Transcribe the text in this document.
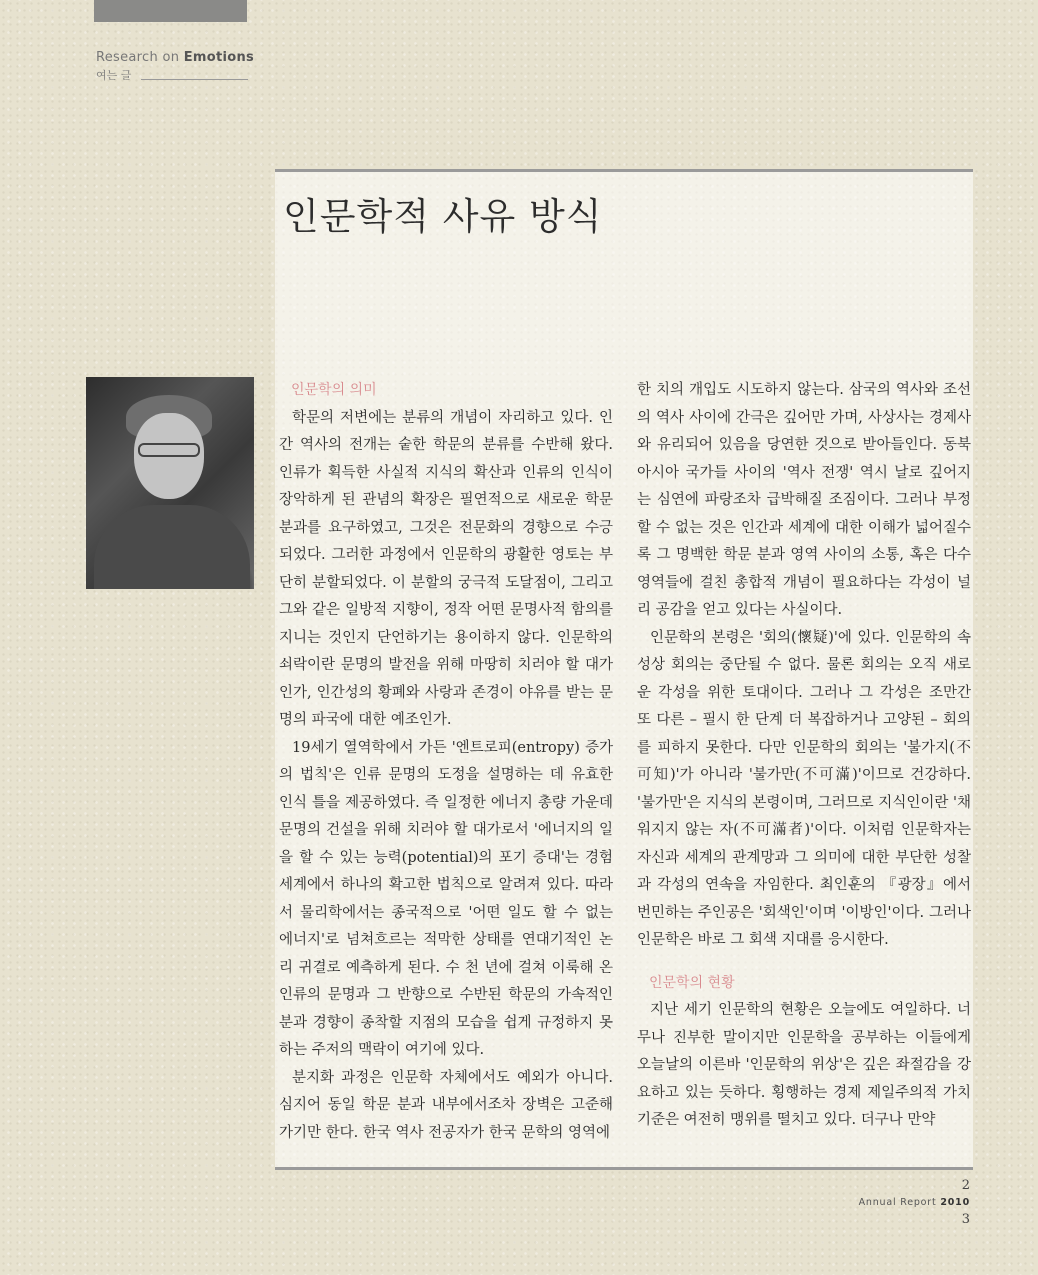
Research on Emotions
여는 글
인문학적 사유 방식
인문학의 의미

학문의 저변에는 분류의 개념이 자리하고 있다. 인간 역사의 전개는 숱한 학문의 분류를 수반해 왔다. 인류가 획득한 사실적 지식의 확산과 인류의 인식이 장악하게 된 관념의 확장은 필연적으로 새로운 학문 분과를 요구하였고, 그것은 전문화의 경향으로 수긍되었다. 그러한 과정에서 인문학의 광활한 영토는 부단히 분할되었다. 이 분할의 궁극적 도달점이, 그리고 그와 같은 일방적 지향이, 정작 어떤 문명사적 함의를 지니는 것인지 단언하기는 용이하지 않다. 인문학의 쇠락이란 문명의 발전을 위해 마땅히 치러야 할 대가인가, 인간성의 황폐와 사랑과 존경이 야유를 받는 문명의 파국에 대한 예조인가.

19세기 열역학에서 가든 '엔트로피(entropy) 증가의 법칙'은 인류 문명의 도정을 설명하는 데 유효한 인식 틀을 제공하였다. 즉 일정한 에너지 총량 가운데 문명의 건설을 위해 치러야 할 대가로서 '에너지의 일을 할 수 있는 능력(potential)의 포기 증대'는 경험 세계에서 하나의 확고한 법칙으로 알려져 있다. 따라서 물리학에서는 종국적으로 '어떤 일도 할 수 없는 에너지'로 넘쳐흐르는 적막한 상태를 연대기적인 논리 귀결로 예측하게 된다. 수 천 년에 걸쳐 이룩해 온 인류의 문명과 그 반향으로 수반된 학문의 가속적인 분과 경향이 종착할 지점의 모습을 쉽게 규정하지 못하는 주저의 맥락이 여기에 있다.

분지화 과정은 인문학 자체에서도 예외가 아니다. 심지어 동일 학문 분과 내부에서조차 장벽은 고준해 가기만 한다. 한국 역사 전공자가 한국 문학의 영역에

한 치의 개입도 시도하지 않는다. 삼국의 역사와 조선의 역사 사이에 간극은 깊어만 가며, 사상사는 경제사와 유리되어 있음을 당연한 것으로 받아들인다. 동북아시아 국가들 사이의 '역사 전쟁' 역시 날로 깊어지는 심연에 파랑조차 급박해질 조짐이다. 그러나 부정할 수 없는 것은 인간과 세계에 대한 이해가 넓어질수록 그 명백한 학문 분과 영역 사이의 소통, 혹은 다수 영역들에 걸친 총합적 개념이 필요하다는 각성이 널리 공감을 얻고 있다는 사실이다.

인문학의 본령은 '회의(懷疑)'에 있다. 인문학의 속성상 회의는 중단될 수 없다. 물론 회의는 오직 새로운 각성을 위한 토대이다. 그러나 그 각성은 조만간 또 다른 – 필시 한 단계 더 복잡하거나 고양된 – 회의를 피하지 못한다. 다만 인문학의 회의는 '불가지(不可知)'가 아니라 '불가만(不可滿)'이므로 건강하다. '불가만'은 지식의 본령이며, 그러므로 지식인이란 '채워지지 않는 자(不可滿者)'이다. 이처럼 인문학자는 자신과 세계의 관계망과 그 의미에 대한 부단한 성찰과 각성의 연속을 자임한다. 최인훈의 『광장』에서 번민하는 주인공은 '회색인'이며 '이방인'이다. 그러나 인문학은 바로 그 회색 지대를 응시한다.

인문학의 현황

지난 세기 인문학의 현황은 오늘에도 여일하다. 너무나 진부한 말이지만 인문학을 공부하는 이들에게 오늘날의 이른바 '인문학의 위상'은 깊은 좌절감을 강요하고 있는 듯하다. 횡행하는 경제 제일주의적 가치 기준은 여전히 맹위를 떨치고 있다. 더구나 만약

2
Annual Report 2010
3
